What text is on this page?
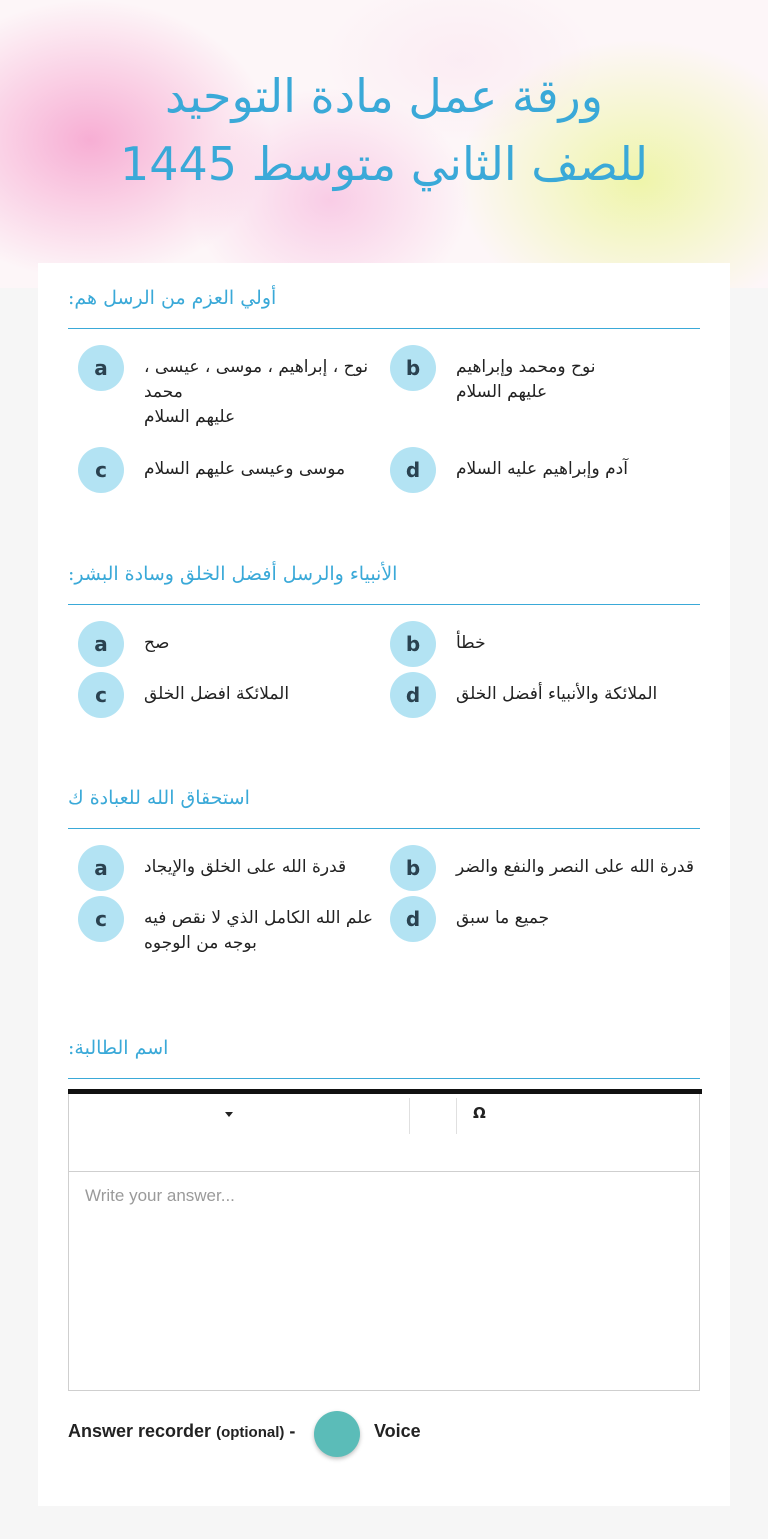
ورقة عمل مادة التوحيد
للصف الثاني متوسط 1445
أولي العزم من الرسل هم:
a	نوح ، إبراهيم ، موسى ، عيسى ،
محمد
عليهم السلام
b	نوح ومحمد وإبراهيم
عليهم السلام
c	موسى وعيسى عليهم السلام	d	آدم وإبراهيم عليه السلام
الأنبياء والرسل أفضل الخلق وسادة البشر:
a	صح	b	خطأ
c	الملائكة افضل الخلق	d	الملائكة والأنبياء أفضل الخلق
استحقاق الله للعبادة ك
a	قدرة الله على الخلق والإيجاد	b	قدرة الله على النصر والنفع والضر
c	علم الله الكامل الذي لا نقص فيه
بوجه من الوجوه
d	جميع ما سبق
اسم الطالبة:
Ω
Write your answer...
Answer recorder (optional) -	Voice
